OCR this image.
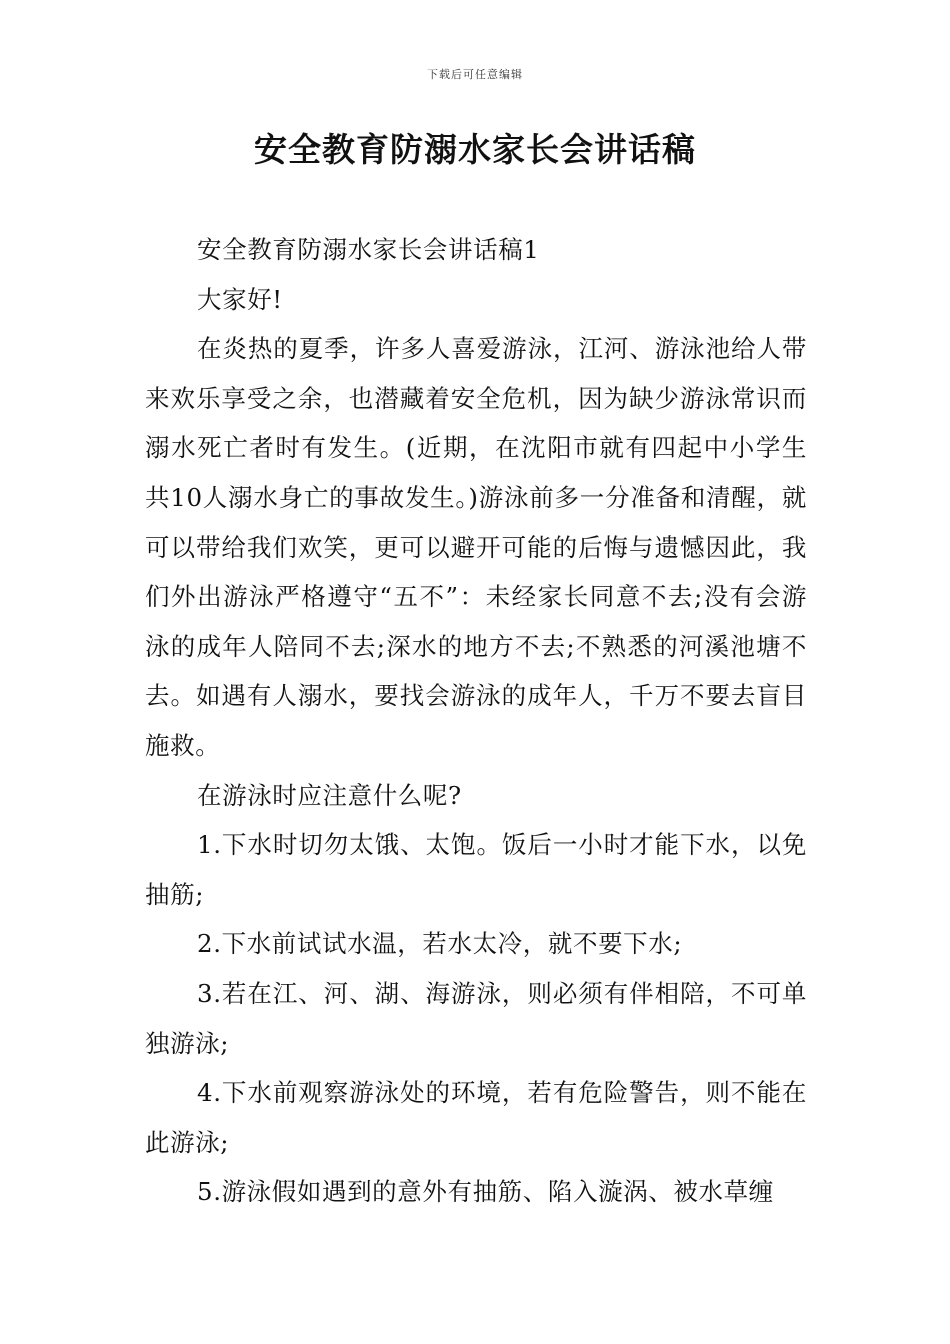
下载后可任意编辑
安全教育防溺水家长会讲话稿

安全教育防溺水家长会讲话稿1

大家好!

在炎热的夏季，许多人喜爱游泳，江河、游泳池给人带来欢乐享受之余，也潜藏着安全危机，因为缺少游泳常识而溺水死亡者时有发生。(近期，在沈阳市就有四起中小学生共10人溺水身亡的事故发生。)游泳前多一分准备和清醒，就可以带给我们欢笑，更可以避开可能的后悔与遗憾因此，我们外出游泳严格遵守“五不”：未经家长同意不去;没有会游泳的成年人陪同不去;深水的地方不去;不熟悉的河溪池塘不去。如遇有人溺水，要找会游泳的成年人，千万不要去盲目施救。

在游泳时应注意什么呢?

1.下水时切勿太饿、太饱。饭后一小时才能下水，以免抽筋;

2.下水前试试水温，若水太冷，就不要下水;

3.若在江、河、湖、海游泳，则必须有伴相陪，不可单独游泳;

4.下水前观察游泳处的环境，若有危险警告，则不能在此游泳;

5.游泳假如遇到的意外有抽筋、陷入漩涡、被水草缠
